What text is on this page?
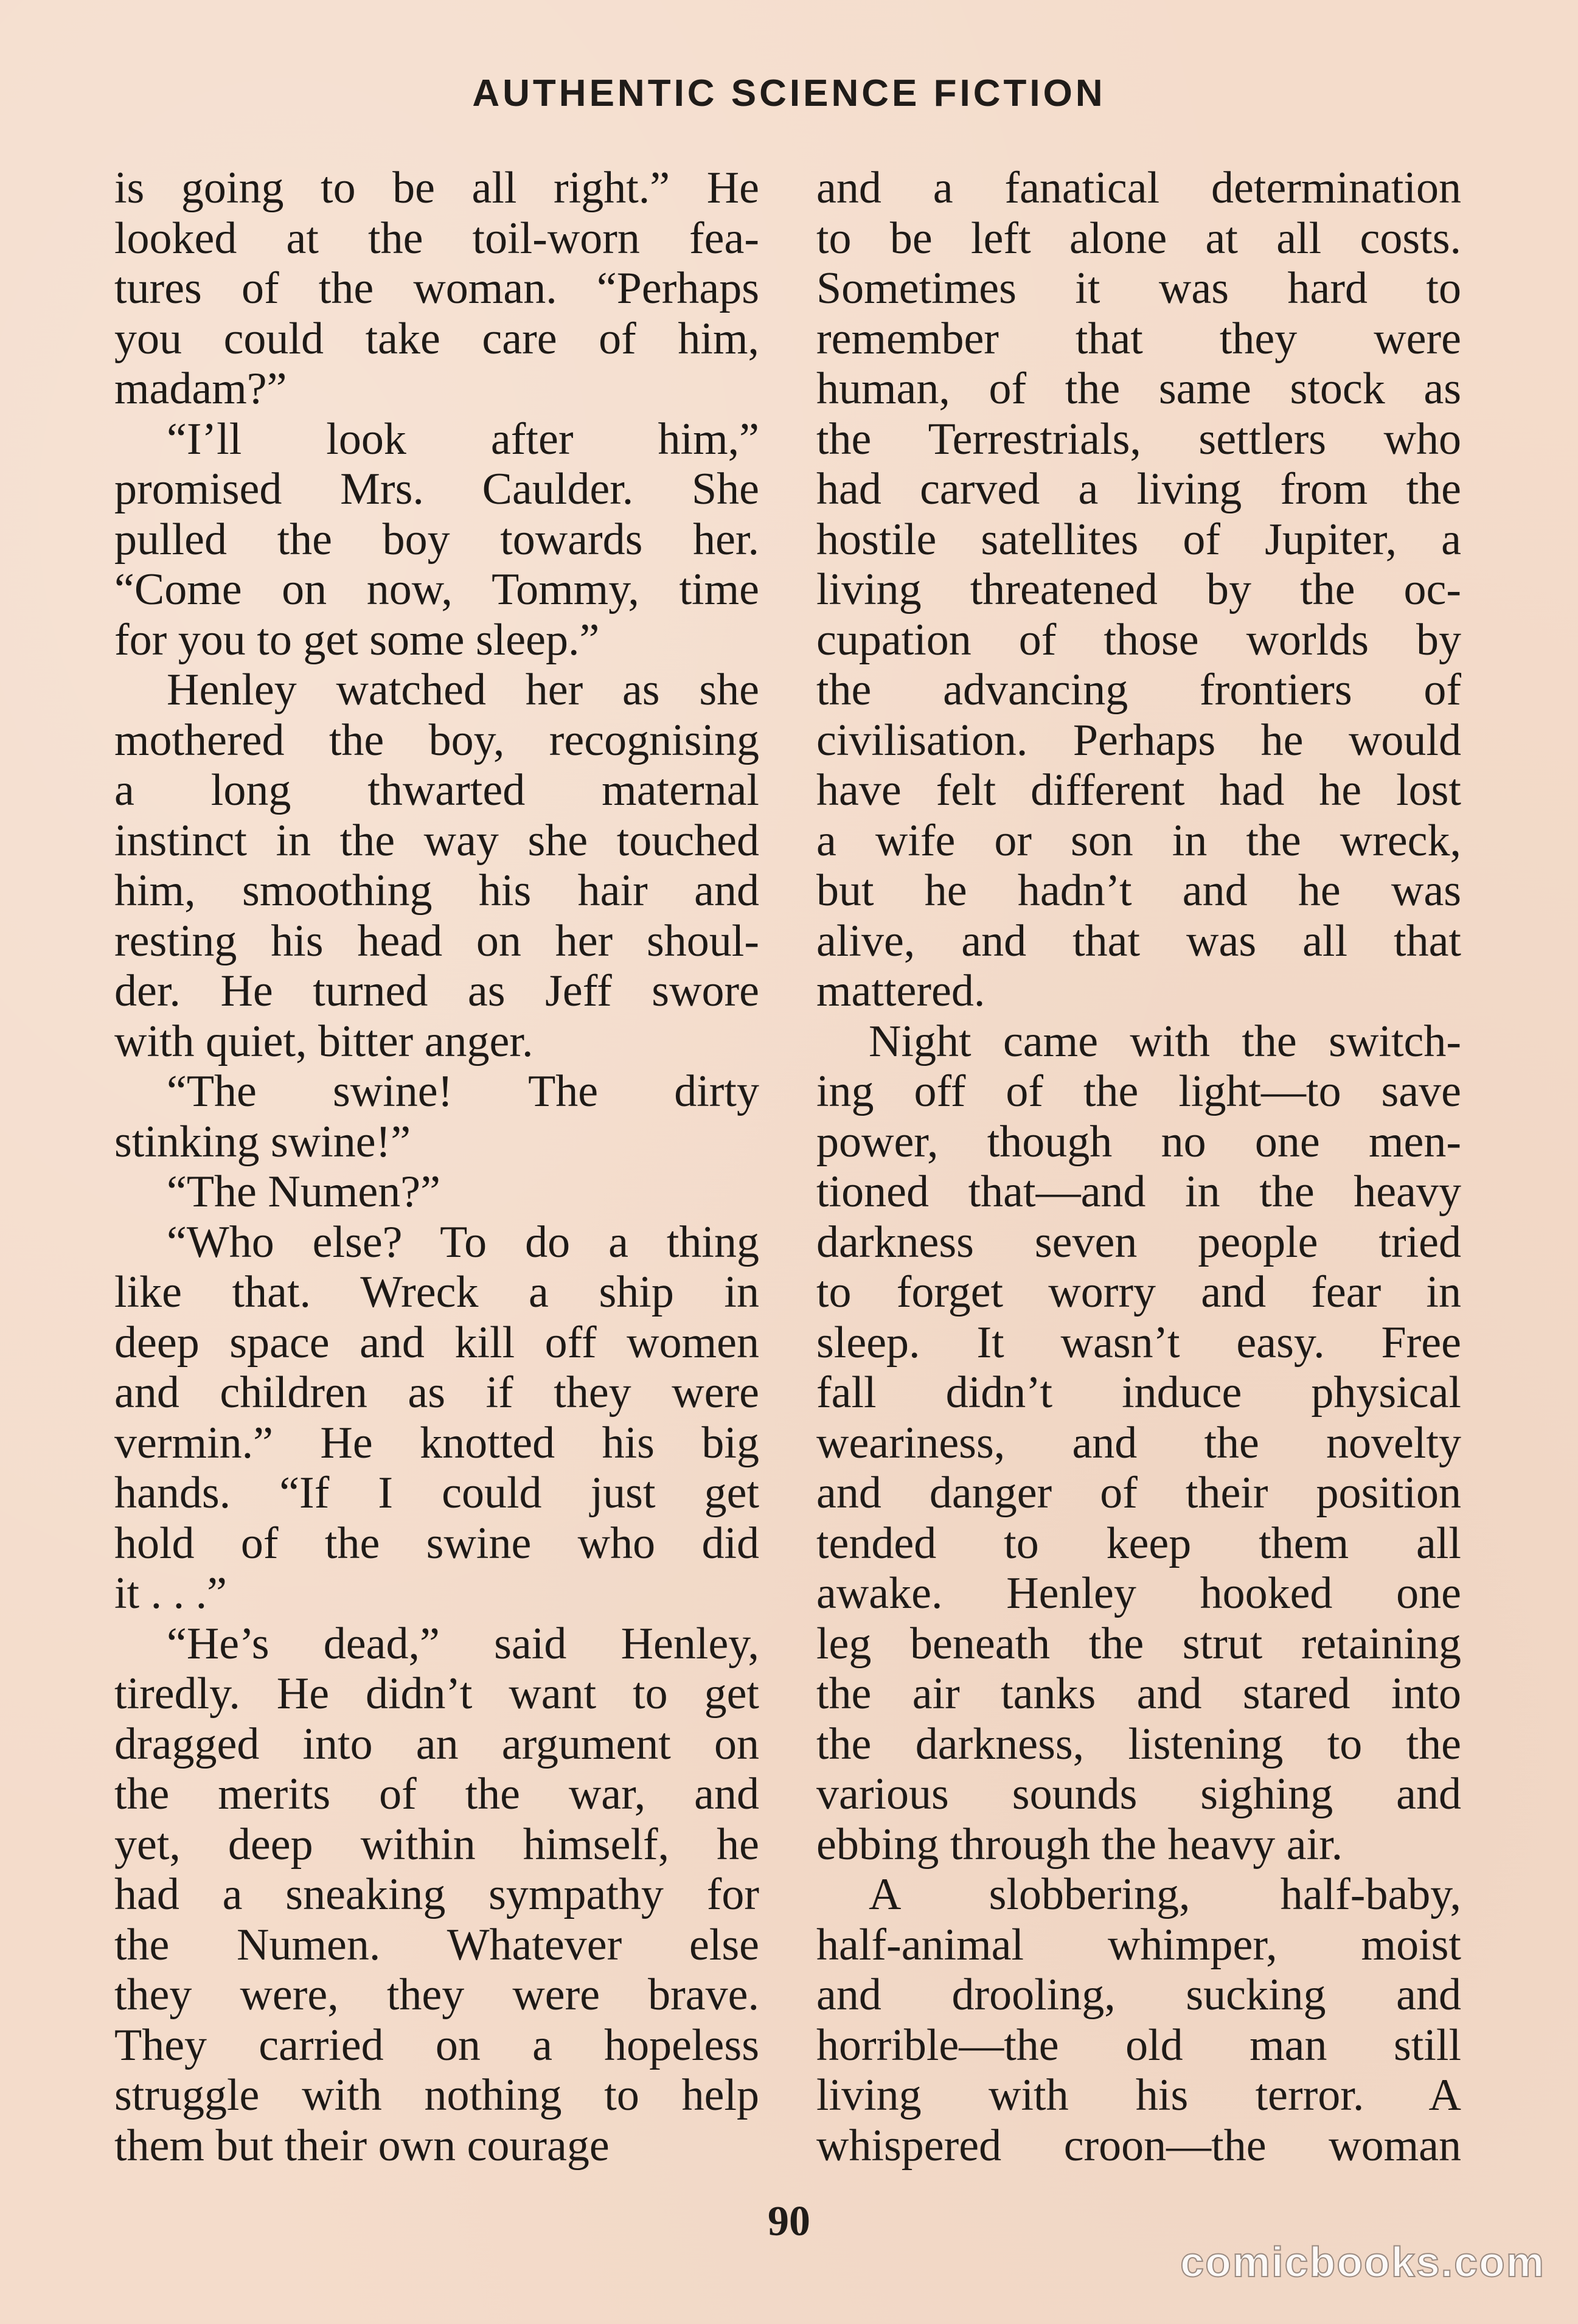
AUTHENTIC SCIENCE FICTION
is going to be all right.” He
looked at the toil-worn fea-
tures of the woman. “Perhaps
you could take care of him,
madam?”
“I’ll look after him,”
promised Mrs. Caulder. She
pulled the boy towards her.
“Come on now, Tommy, time
for you to get some sleep.”
Henley watched her as she
mothered the boy, recognising
a long thwarted maternal
instinct in the way she touched
him, smoothing his hair and
resting his head on her shoul-
der. He turned as Jeff swore
with quiet, bitter anger.
“The swine! The dirty
stinking swine!”
“The Numen?”
“Who else? To do a thing
like that. Wreck a ship in
deep space and kill off women
and children as if they were
vermin.” He knotted his big
hands. “If I could just get
hold of the swine who did
it . . .”
“He’s dead,” said Henley,
tiredly. He didn’t want to get
dragged into an argument on
the merits of the war, and
yet, deep within himself, he
had a sneaking sympathy for
the Numen. Whatever else
they were, they were brave.
They carried on a hopeless
struggle with nothing to help
them but their own courage
and a fanatical determination
to be left alone at all costs.
Sometimes it was hard to
remember that they were
human, of the same stock as
the Terrestrials, settlers who
had carved a living from the
hostile satellites of Jupiter, a
living threatened by the oc-
cupation of those worlds by
the advancing frontiers of
civilisation. Perhaps he would
have felt different had he lost
a wife or son in the wreck,
but he hadn’t and he was
alive, and that was all that
mattered.
Night came with the switch-
ing off of the light—to save
power, though no one men-
tioned that—and in the heavy
darkness seven people tried
to forget worry and fear in
sleep. It wasn’t easy. Free
fall didn’t induce physical
weariness, and the novelty
and danger of their position
tended to keep them all
awake. Henley hooked one
leg beneath the strut retaining
the air tanks and stared into
the darkness, listening to the
various sounds sighing and
ebbing through the heavy air.
A slobbering, half-baby,
half-animal whimper, moist
and drooling, sucking and
horrible—the old man still
living with his terror. A
whispered croon—the woman
90
comicbooks.com
